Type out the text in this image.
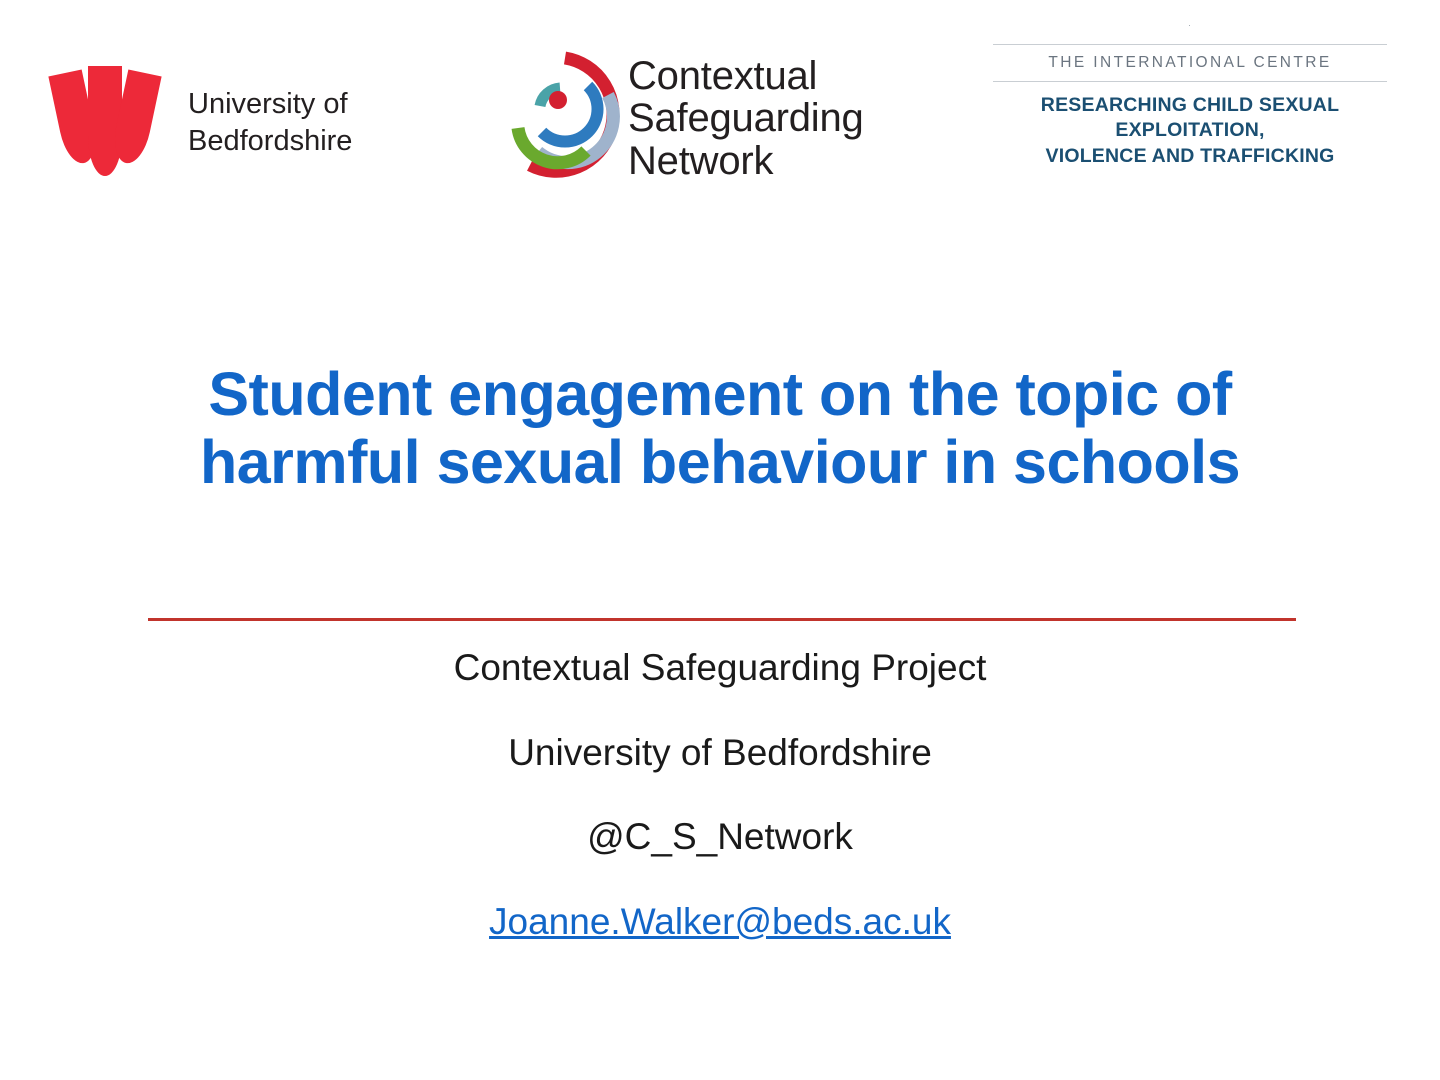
University of
Bedfordshire
Contextual
Safeguarding
Network
·
THE INTERNATIONAL CENTRE
RESEARCHING CHILD SEXUAL EXPLOITATION,
VIOLENCE AND TRAFFICKING
Student engagement on the topic of harmful sexual behaviour in schools
Contextual Safeguarding Project
University of Bedfordshire
@C_S_Network
Joanne.Walker@beds.ac.uk
